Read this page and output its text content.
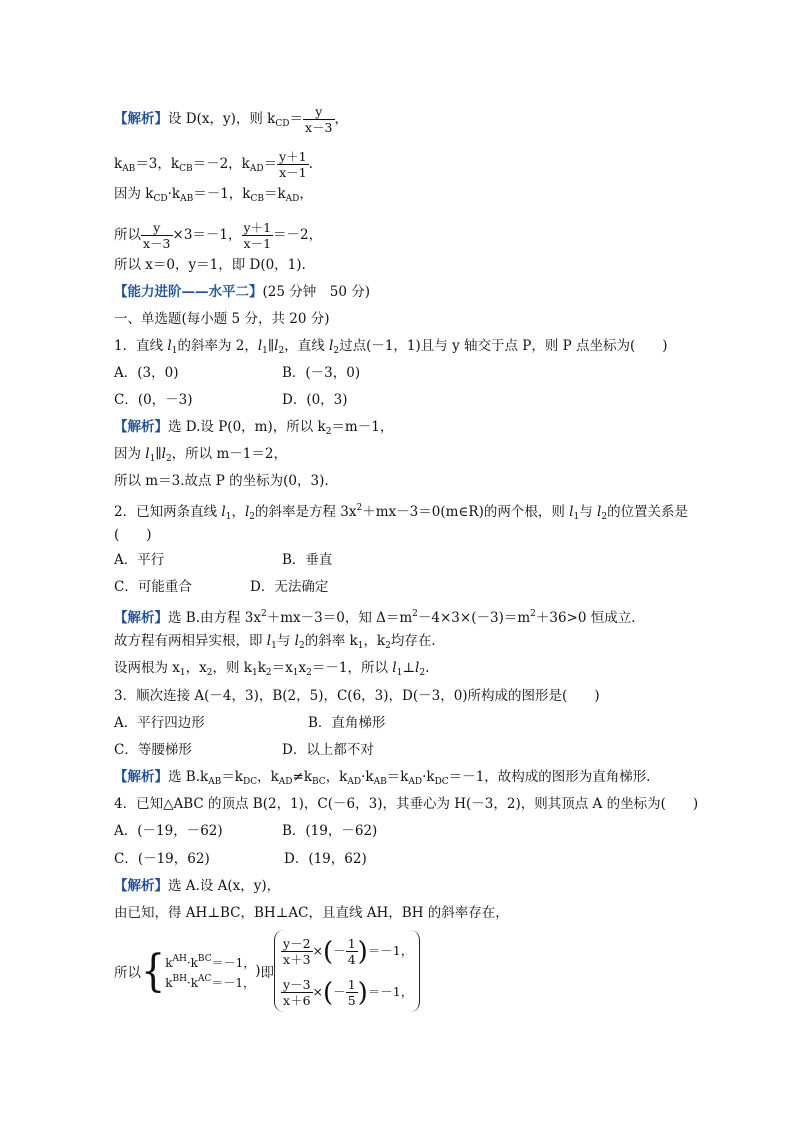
【解析】设 D(x，y)，则 $k_{CD}= \frac{y}{x-3}$ ，
$k_{AB}=3$，$k_{CB}=-2$，$k_{AD}= \frac{y+1}{x-1}$ .
因为 $k_{CD}\cdot k_{AB}=-1$，$k_{CB}=k_{AD}$，
所以 $\frac{y}{x-3} \times 3=-1$， $\frac{y+1}{x-1} =-2$，
所以 x＝0，y＝1，即 D(0，1).
【能力进阶——水平二】(25 分钟　50 分)
一、单选题(每小题 5 分，共 20 分)
1．直线 $l_1$的斜率为 2，$l_1\parallel l_2$，直线 $l_2$过点(－1，1)且与 y 轴交于点 P，则 P 点坐标为(　　)
A．(3，0)	B．(－3，0)
C．(0，－3)	D．(0，3)
【解析】选 D.设 P(0，m)，所以 $k_2=m-1$，
因为 $l_1\parallel l_2$，所以 m－1＝2，
所以 m＝3.故点 P 的坐标为(0，3).
2．已知两条直线 $l_1$，$l_2$的斜率是方程 $3x^2+mx-3=0(m\in R)$的两个根，则 $l_1$与 $l_2$的位置关系是
(　　)
A．平行	B．垂直
C．可能重合	D．无法确定
【解析】选 B.由方程 $3x^2+mx-3=0$，知 $\Delta=m^2-4\times 3\times(-3)=m^2+36>0$ 恒成立．
故方程有两相异实根，即 $l_1$与 $l_2$的斜率 $k_1$，$k_2$均存在．
设两根为 $x_1$，$x_2$，则 $k_1k_2=x_1x_2=-1$，所以 $l_1\perp l_2$.
3．顺次连接 A(－4，3)，B(2，5)，C(6，3)，D(－3，0)所构成的图形是(　　)
A．平行四边形	B．直角梯形
C．等腰梯形	D．以上都不对
【解析】选 $B.k_{AB}=k_{DC}$，$k_{AD}\ne k_{BC}$，$k_{AD}\cdot k_{AB}=k_{AD}\cdot k_{DC}=-1$，故构成的图形为直角梯形．
4．已知△ABC 的顶点 B(2，1)，C(－6，3)，其垂心为 H(－3，2)，则其顶点 A 的坐标为(　　)
A．(－19，－62)	B．(19，－62)
C．(－19，62)	D．(19，62)
【解析】选 A.设 A(x，y)，
由已知，得 AH⊥BC，BH⊥AC，且直线 AH，BH 的斜率存在，
所以{ $k^{AH}\cdot k^{BC}=-1$，
$k^{BH}\cdot k^{AC}=-1$，
)即
$\frac{y-2}{x+3}$ ×(－ $\frac{1}{4} )=-1$，
$\frac{y-3}{x+6}$ ×(－ $\frac{1}{5} )=-1$，
